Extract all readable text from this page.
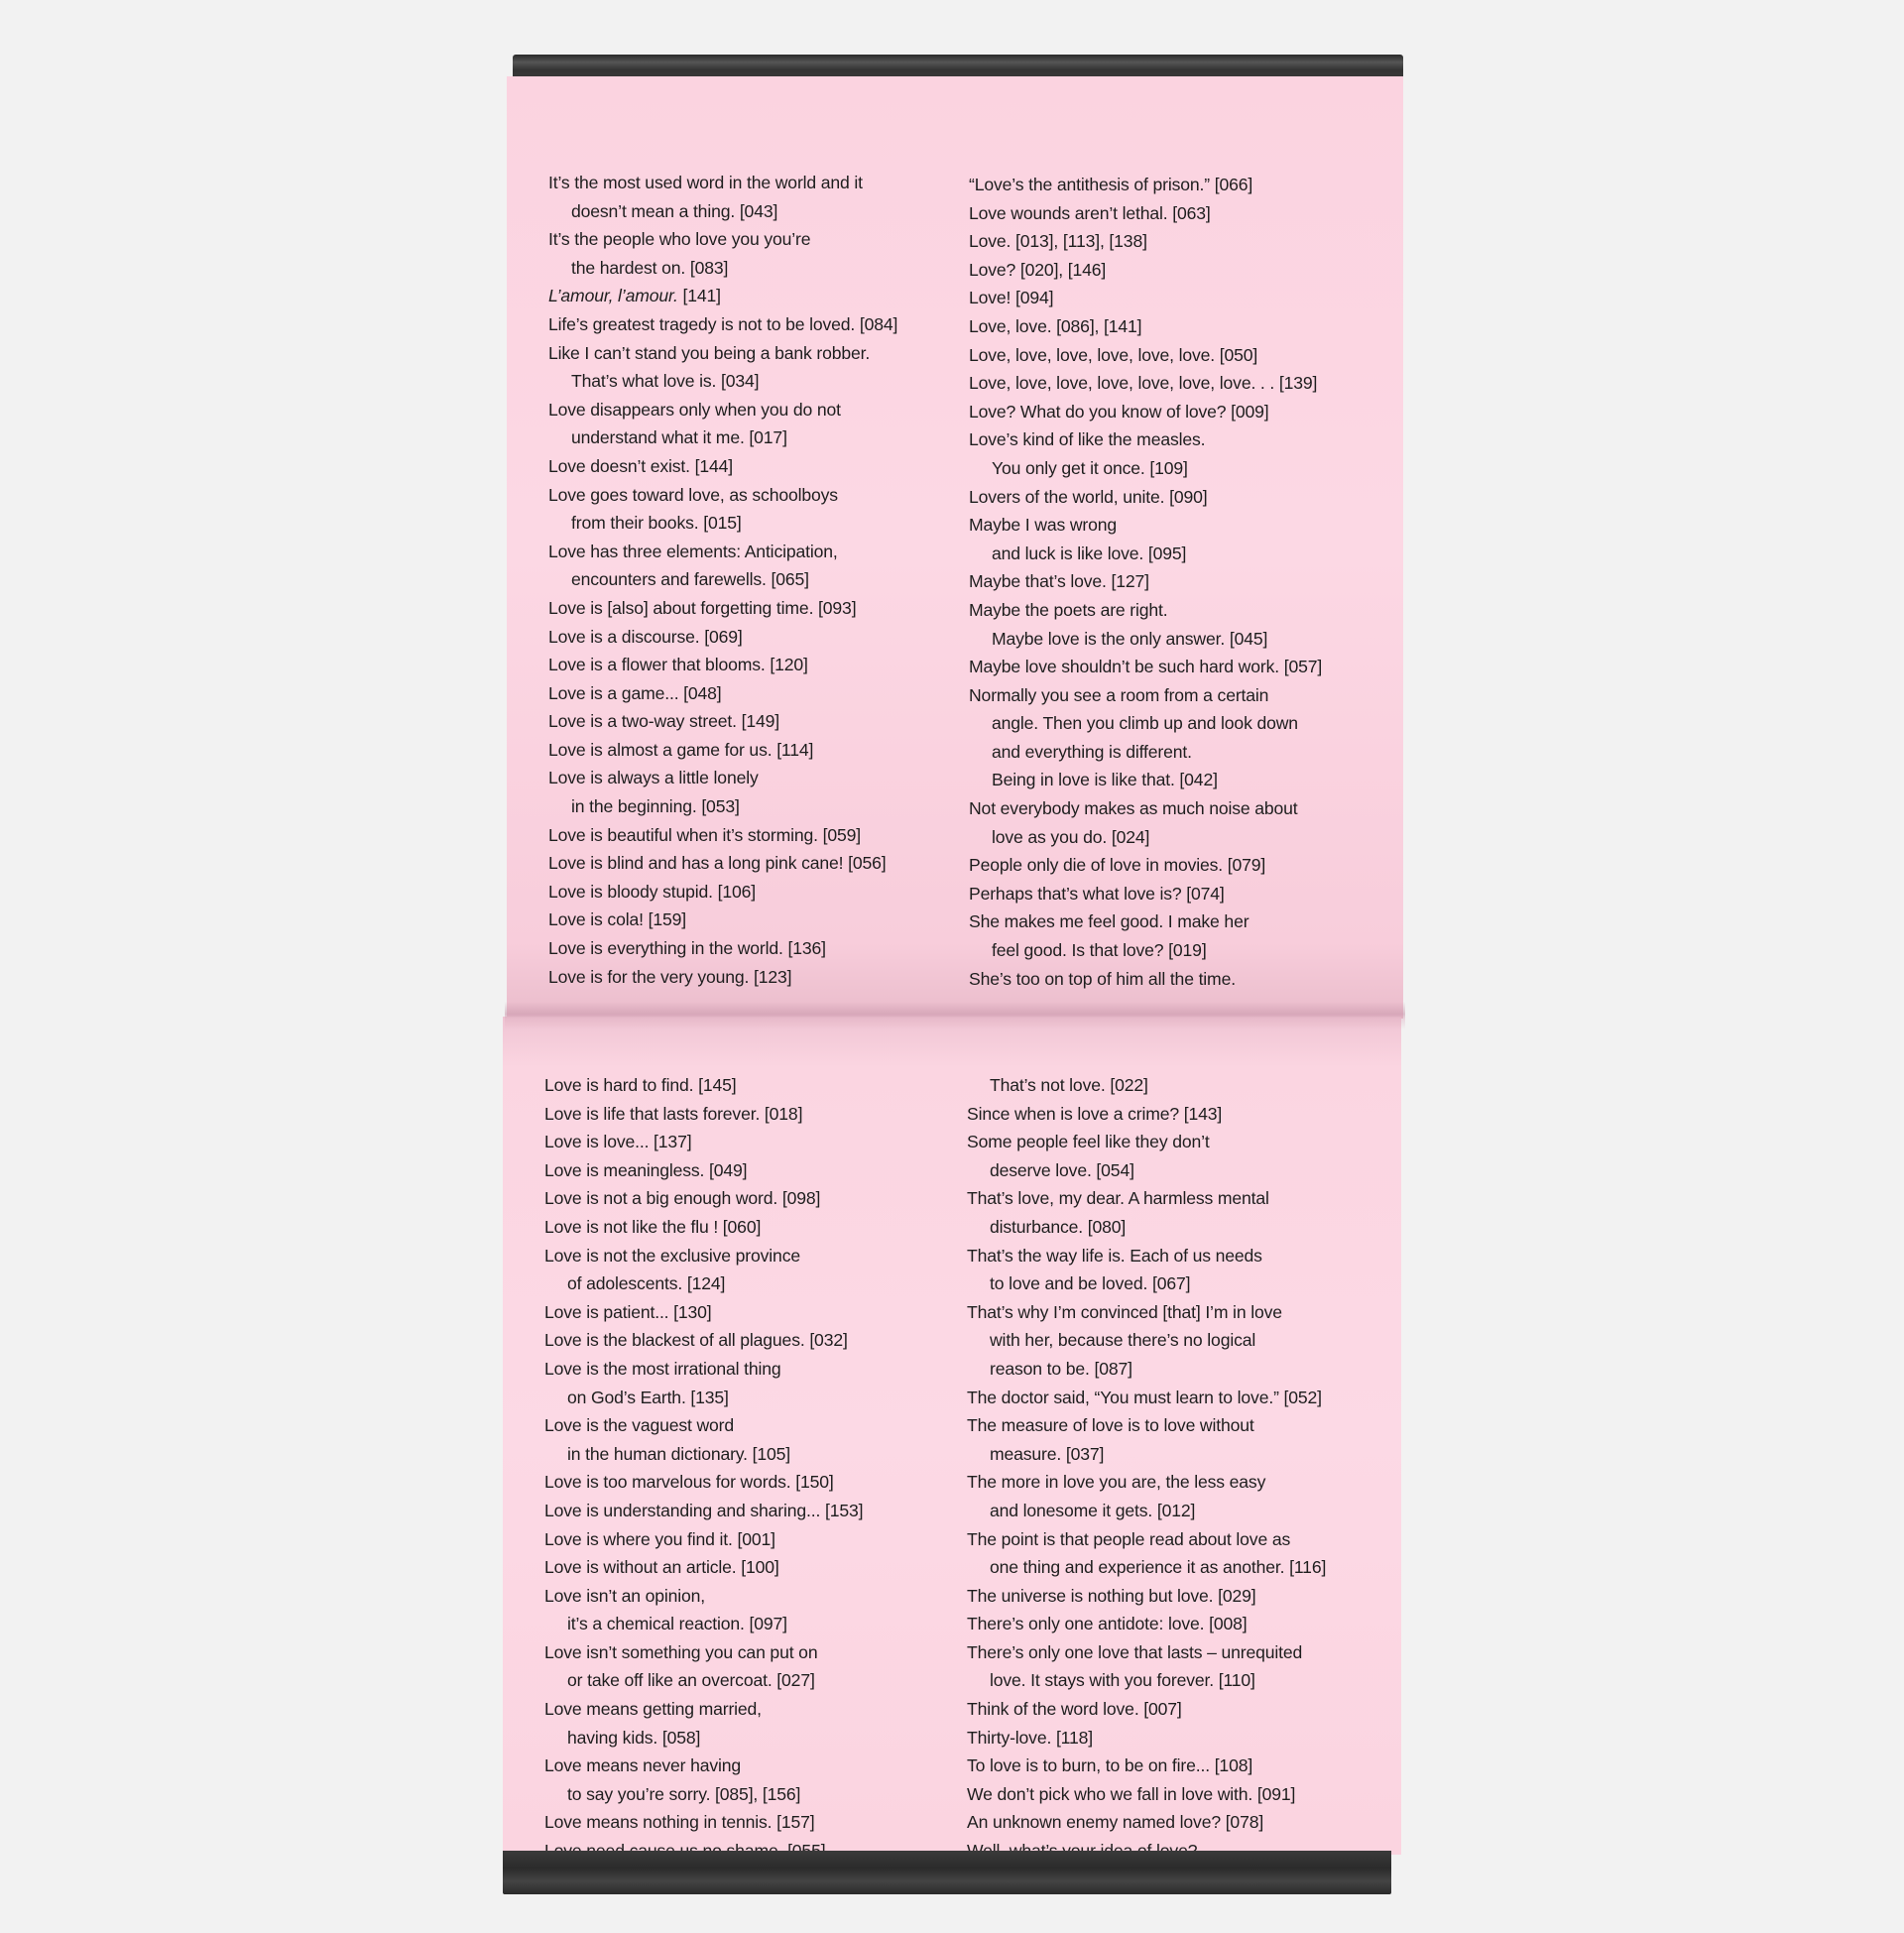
It’s the most used word in the world and it
doesn’t mean a thing. [043]
It’s the people who love you you’re
the hardest on. [083]
L’amour, l’amour. [141]
Life’s greatest tragedy is not to be loved. [084]
Like I can’t stand you being a bank robber.
That’s what love is. [034]
Love disappears only when you do not
understand what it me. [017]
Love doesn’t exist. [144]
Love goes toward love, as schoolboys
from their books. [015]
Love has three elements: Anticipation,
encounters and farewells. [065]
Love is [also] about forgetting time. [093]
Love is a discourse. [069]
Love is a flower that blooms. [120]
Love is a game... [048]
Love is a two-way street. [149]
Love is almost a game for us. [114]
Love is always a little lonely
in the beginning. [053]
Love is beautiful when it’s storming. [059]
Love is blind and has a long pink cane! [056]
Love is bloody stupid. [106]
Love is cola! [159]
Love is everything in the world. [136]
Love is for the very young. [123]
“Love’s the antithesis of prison.” [066]
Love wounds aren’t lethal. [063]
Love. [013], [113], [138]
Love? [020], [146]
Love! [094]
Love, love. [086], [141]
Love, love, love, love, love, love. [050]
Love, love, love, love, love, love, love. . . [139]
Love? What do you know of love? [009]
Love’s kind of like the measles.
You only get it once. [109]
Lovers of the world, unite. [090]
Maybe I was wrong
and luck is like love. [095]
Maybe that’s love. [127]
Maybe the poets are right.
Maybe love is the only answer. [045]
Maybe love shouldn’t be such hard work. [057]
Normally you see a room from a certain
angle. Then you climb up and look down
and everything is different.
Being in love is like that. [042]
Not everybody makes as much noise about
love as you do. [024]
People only die of love in movies. [079]
Perhaps that’s what love is? [074]
She makes me feel good. I make her
feel good. Is that love? [019]
She’s too on top of him all the time.
Love is hard to find. [145]
Love is life that lasts forever. [018]
Love is love... [137]
Love is meaningless. [049]
Love is not a big enough word. [098]
Love is not like the flu ! [060]
Love is not the exclusive province
of adolescents. [124]
Love is patient... [130]
Love is the blackest of all plagues. [032]
Love is the most irrational thing
on God’s Earth. [135]
Love is the vaguest word
in the human dictionary. [105]
Love is too marvelous for words. [150]
Love is understanding and sharing... [153]
Love is where you find it. [001]
Love is without an article. [100]
Love isn’t an opinion,
it’s a chemical reaction. [097]
Love isn’t something you can put on
or take off like an overcoat. [027]
Love means getting married,
having kids. [058]
Love means never having
to say you’re sorry. [085], [156]
Love means nothing in tennis. [157]
That’s not love. [022]
Since when is love a crime? [143]
Some people feel like they don’t
deserve love. [054]
That’s love, my dear. A harmless mental
disturbance. [080]
That’s the way life is. Each of us needs
to love and be loved. [067]
That’s why I’m convinced [that] I’m in love
with her, because there’s no logical
reason to be. [087]
The doctor said, “You must learn to love.” [052]
The measure of love is to love without
measure. [037]
The more in love you are, the less easy
and lonesome it gets. [012]
The point is that people read about love as
one thing and experience it as another. [116]
The universe is nothing but love. [029]
There’s only one antidote: love. [008]
There’s only one love that lasts – unrequited
love. It stays with you forever. [110]
Think of the word love. [007]
Thirty-love. [118]
To love is to burn, to be on fire... [108]
We don’t pick who we fall in love with. [091]
An unknown enemy named love? [078]
